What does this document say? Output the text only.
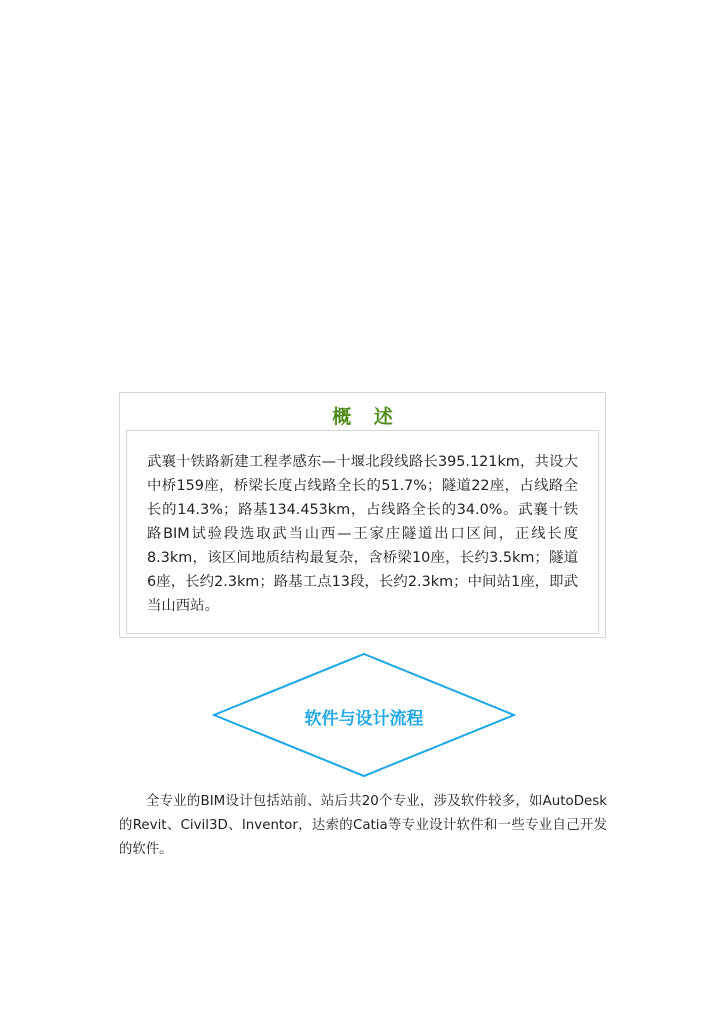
概 述

武襄十铁路新建工程孝感东—十堰北段线路长395.121km，共设大中桥159座，桥梁长度占线路全长的51.7%；隧道22座，占线路全长的14.3%；路基134.453km，占线路全长的34.0%。武襄十铁路BIM试验段选取武当山西—王家庄隧道出口区间，正线长度8.3km，该区间地质结构最复杂，含桥梁10座，长约3.5km；隧道6座，长约2.3km；路基工点13段，长约2.3km；中间站1座，即武当山西站。

软件与设计流程

全专业的BIM设计包括站前、站后共20个专业，涉及软件较多，如AutoDesk的Revit、Civil3D、Inventor，达索的Catia等专业设计软件和一些专业自己开发的软件。
